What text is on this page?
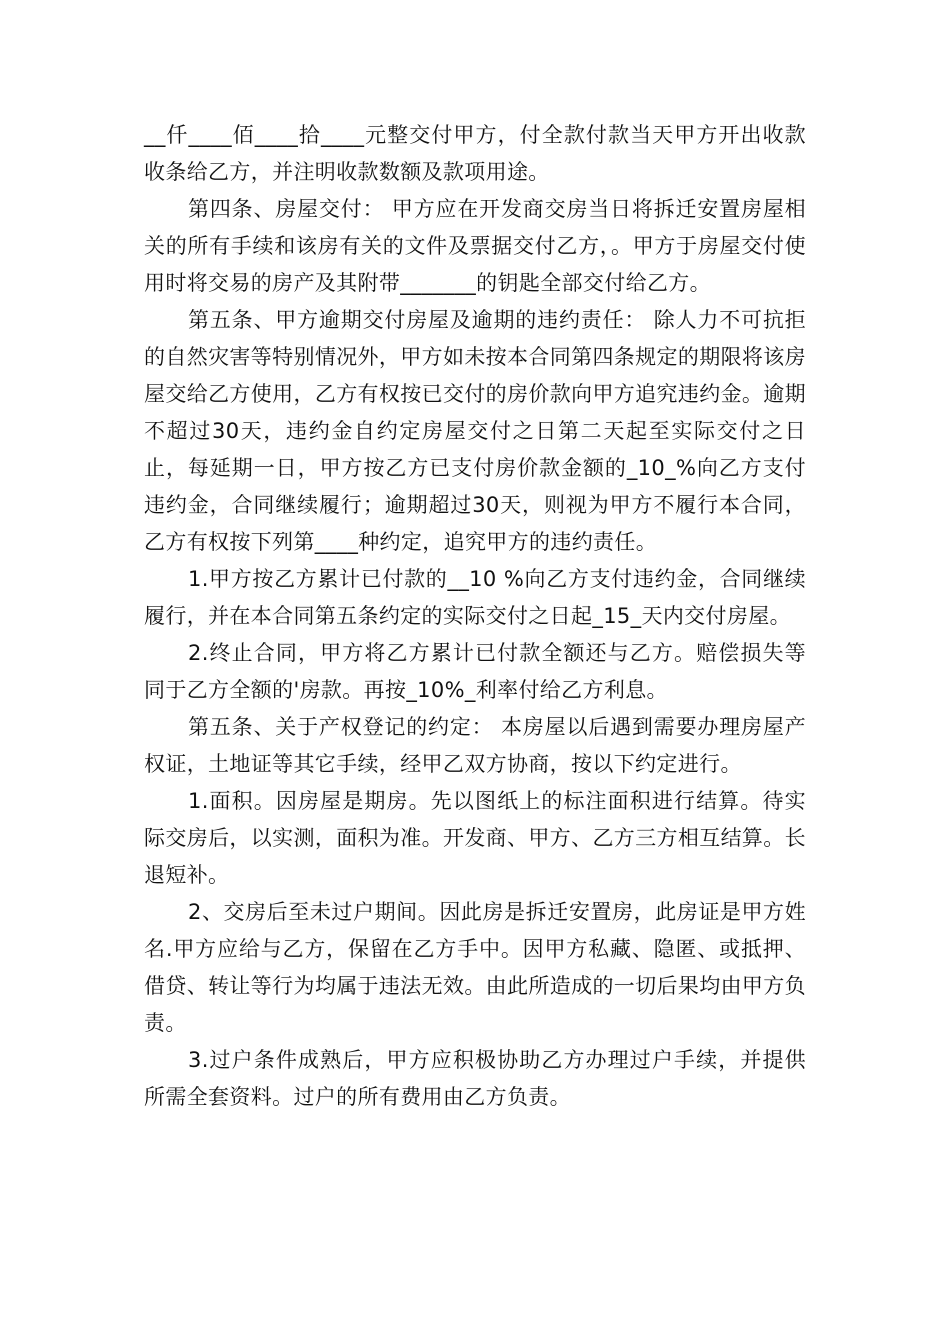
__仟____佰____拾____元整交付甲方，付全款付款当天甲方开出收款收条给乙方，并注明收款数额及款项用途。

第四条、房屋交付： 甲方应在开发商交房当日将拆迁安置房屋相关的所有手续和该房有关的文件及票据交付乙方，。甲方于房屋交付使用时将交易的房产及其附带_______的钥匙全部交付给乙方。

第五条、甲方逾期交付房屋及逾期的违约责任： 除人力不可抗拒的自然灾害等特别情况外，甲方如未按本合同第四条规定的期限将该房屋交给乙方使用，乙方有权按已交付的房价款向甲方追究违约金。逾期不超过30天，违约金自约定房屋交付之日第二天起至实际交付之日止，每延期一日，甲方按乙方已支付房价款金额的_10_%向乙方支付违约金，合同继续履行；逾期超过30天，则视为甲方不履行本合同，乙方有权按下列第____种约定，追究甲方的违约责任。

1.甲方按乙方累计已付款的__10 %向乙方支付违约金，合同继续履行，并在本合同第五条约定的实际交付之日起_15_天内交付房屋。

2.终止合同，甲方将乙方累计已付款全额还与乙方。赔偿损失等同于乙方全额的'房款。再按_10%_利率付给乙方利息。

第五条、关于产权登记的约定： 本房屋以后遇到需要办理房屋产权证，土地证等其它手续，经甲乙双方协商，按以下约定进行。

1.面积。因房屋是期房。先以图纸上的标注面积进行结算。待实际交房后，以实测，面积为准。开发商、甲方、乙方三方相互结算。长退短补。

2、交房后至未过户期间。因此房是拆迁安置房，此房证是甲方姓名.甲方应给与乙方，保留在乙方手中。因甲方私藏、隐匿、或抵押、借贷、转让等行为均属于违法无效。由此所造成的一切后果均由甲方负责。

3.过户条件成熟后，甲方应积极协助乙方办理过户手续，并提供所需全套资料。过户的所有费用由乙方负责。
